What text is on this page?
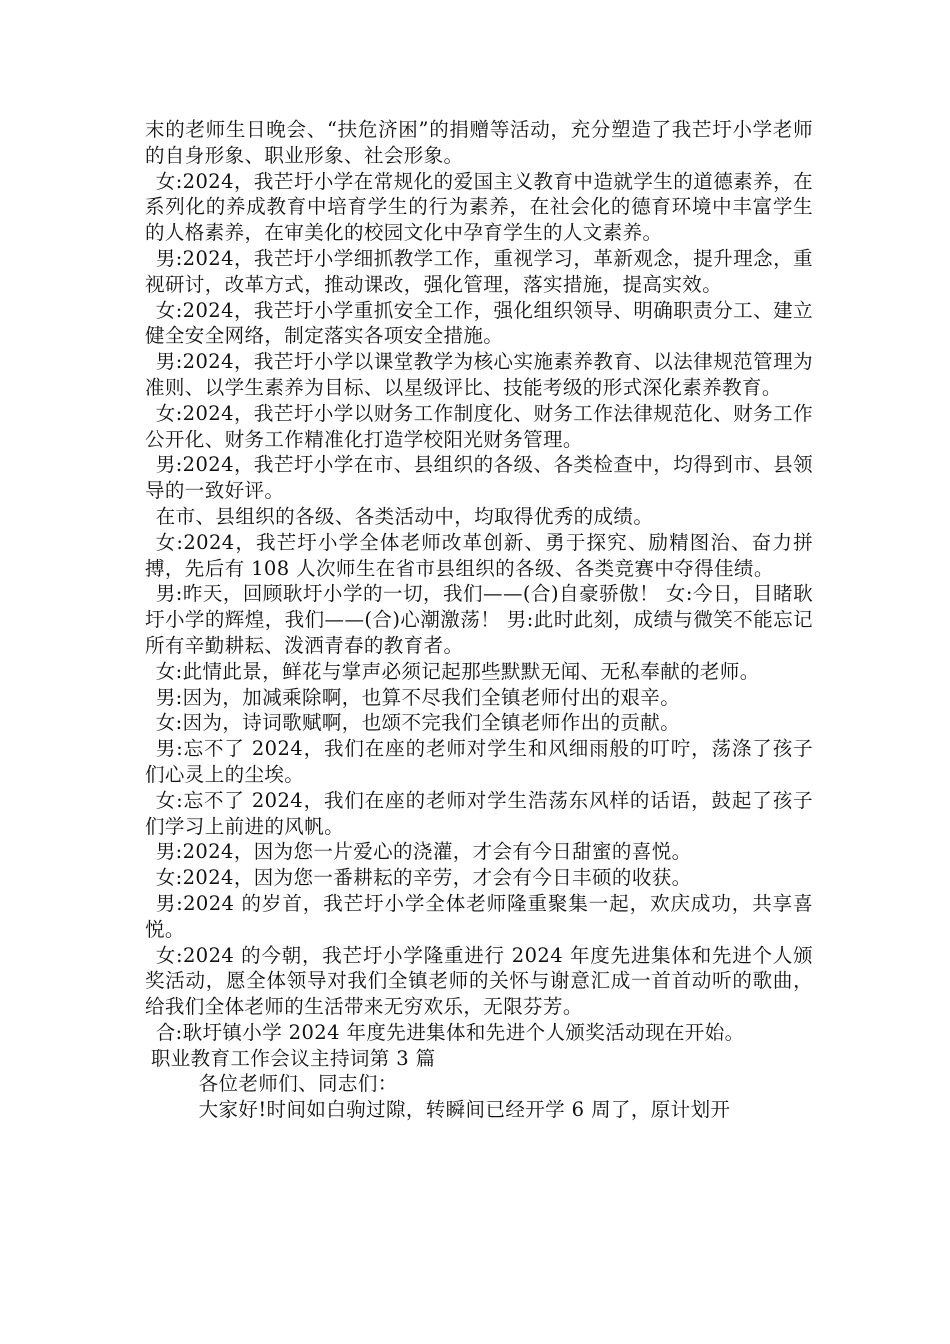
末的老师生日晚会、“扶危济困”的捐赠等活动，充分塑造了我芒圩小学老师的自身形象、职业形象、社会形象。

女:2024，我芒圩小学在常规化的爱国主义教育中造就学生的道德素养，在系列化的养成教育中培育学生的行为素养，在社会化的德育环境中丰富学生的人格素养，在审美化的校园文化中孕育学生的人文素养。

男:2024，我芒圩小学细抓教学工作，重视学习，革新观念，提升理念，重视研讨，改革方式，推动课改，强化管理，落实措施，提高实效。

女:2024，我芒圩小学重抓安全工作，强化组织领导、明确职责分工、建立健全安全网络，制定落实各项安全措施。

男:2024，我芒圩小学以课堂教学为核心实施素养教育、以法律规范管理为准则、以学生素养为目标、以星级评比、技能考级的形式深化素养教育。

女:2024，我芒圩小学以财务工作制度化、财务工作法律规范化、财务工作公开化、财务工作精准化打造学校阳光财务管理。

男:2024，我芒圩小学在市、县组织的各级、各类检查中，均得到市、县领导的一致好评。

在市、县组织的各级、各类活动中，均取得优秀的成绩。

女:2024，我芒圩小学全体老师改革创新、勇于探究、励精图治、奋力拼搏，先后有 108 人次师生在省市县组织的各级、各类竞赛中夺得佳绩。

男:昨天，回顾耿圩小学的一切，我们——(合)自豪骄傲！ 女:今日，目睹耿圩小学的辉煌，我们——(合)心潮激荡！ 男:此时此刻，成绩与微笑不能忘记所有辛勤耕耘、泼洒青春的教育者。

女:此情此景，鲜花与掌声必须记起那些默默无闻、无私奉献的老师。

男:因为，加减乘除啊，也算不尽我们全镇老师付出的艰辛。

女:因为，诗词歌赋啊，也颂不完我们全镇老师作出的贡献。

男:忘不了 2024，我们在座的老师对学生和风细雨般的叮咛，荡涤了孩子们心灵上的尘埃。

女:忘不了 2024，我们在座的老师对学生浩荡东风样的话语，鼓起了孩子们学习上前进的风帆。

男:2024，因为您一片爱心的浇灌，才会有今日甜蜜的喜悦。

女:2024，因为您一番耕耘的辛劳，才会有今日丰硕的收获。

男:2024 的岁首，我芒圩小学全体老师隆重聚集一起，欢庆成功，共享喜悦。

女:2024 的今朝，我芒圩小学隆重进行 2024 年度先进集体和先进个人颁奖活动，愿全体领导对我们全镇老师的关怀与谢意汇成一首首动听的歌曲，给我们全体老师的生活带来无穷欢乐，无限芬芳。

合:耿圩镇小学 2024 年度先进集体和先进个人颁奖活动现在开始。

职业教育工作会议主持词第 3 篇

各位老师们、同志们：

大家好!时间如白驹过隙，转瞬间已经开学 6 周了，原计划开
